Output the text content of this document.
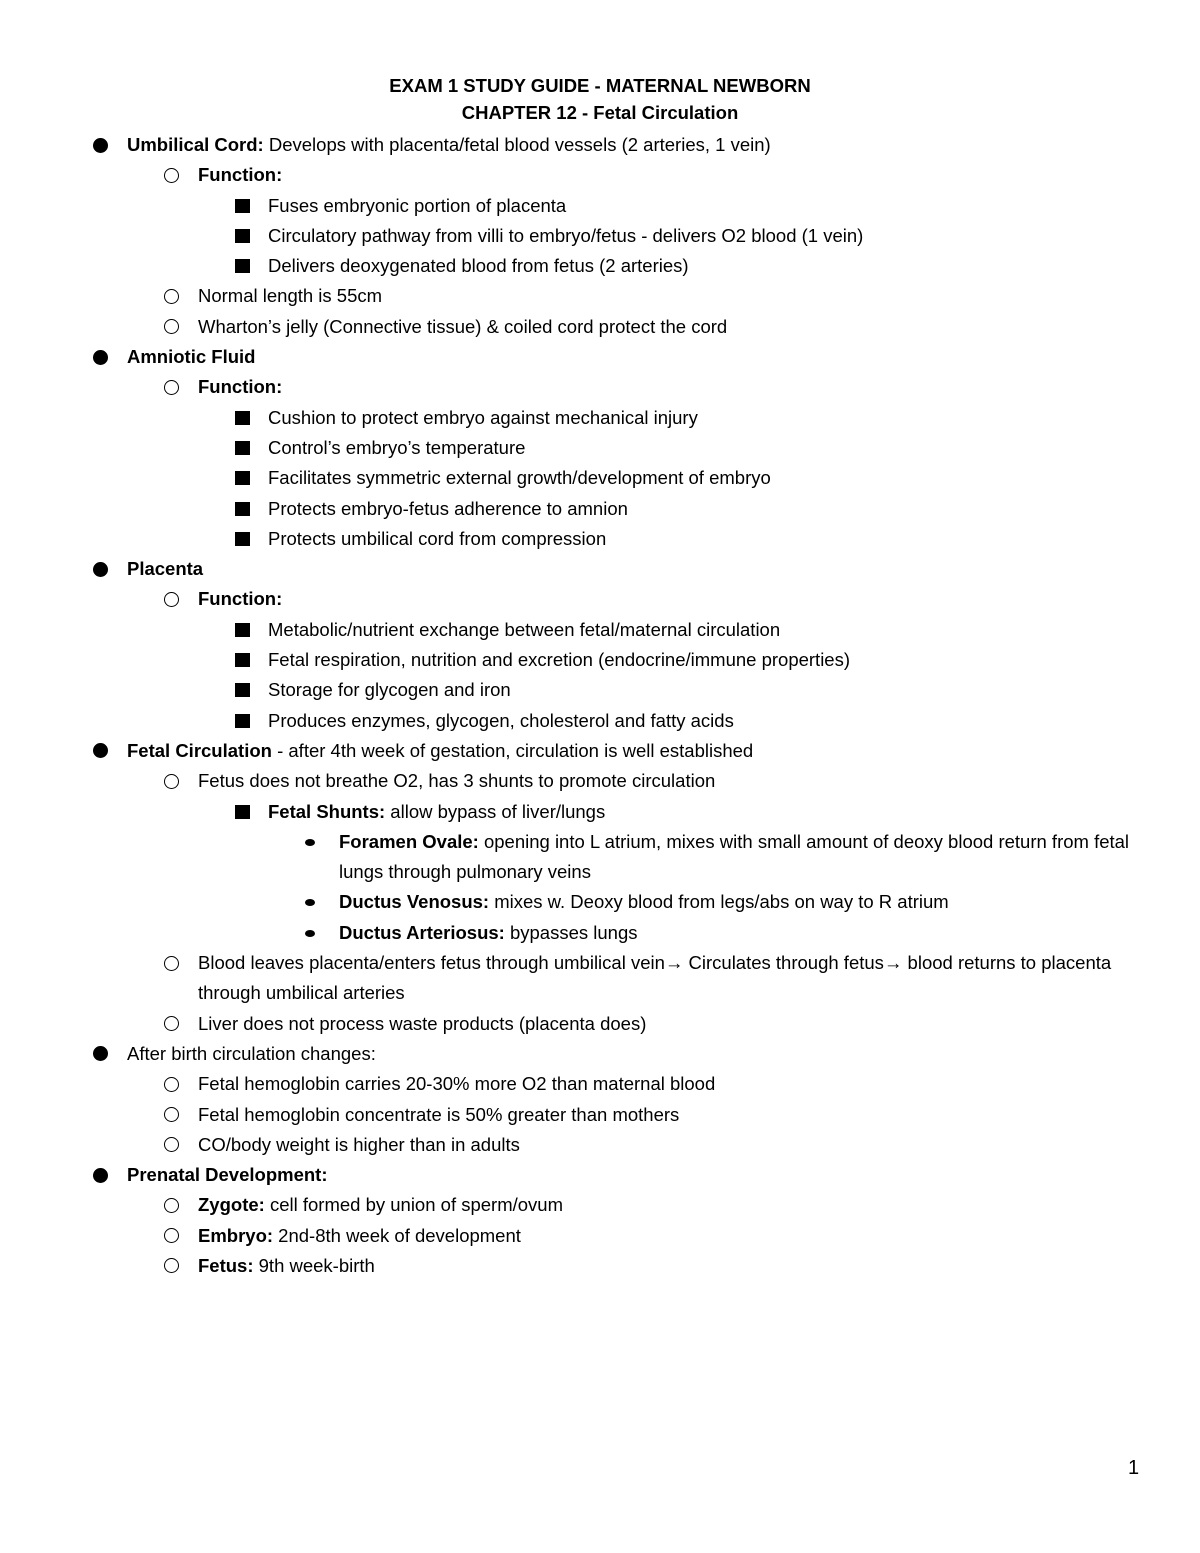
EXAM 1 STUDY GUIDE - MATERNAL NEWBORN
CHAPTER 12 - Fetal Circulation
Umbilical Cord: Develops with placenta/fetal blood vessels (2 arteries, 1 vein)
Function:
Fuses embryonic portion of placenta
Circulatory pathway from villi to embryo/fetus - delivers O2 blood (1 vein)
Delivers deoxygenated blood from fetus (2 arteries)
Normal length is 55cm
Wharton’s jelly (Connective tissue) & coiled cord protect the cord
Amniotic Fluid
Function:
Cushion to protect embryo against mechanical injury
Control’s embryo’s temperature
Facilitates symmetric external growth/development of embryo
Protects embryo-fetus adherence to amnion
Protects umbilical cord from compression
Placenta
Function:
Metabolic/nutrient exchange between fetal/maternal circulation
Fetal respiration, nutrition and excretion (endocrine/immune properties)
Storage for glycogen and iron
Produces enzymes, glycogen, cholesterol and fatty acids
Fetal Circulation - after 4th week of gestation, circulation is well established
Fetus does not breathe O2, has 3 shunts to promote circulation
Fetal Shunts: allow bypass of liver/lungs
Foramen Ovale: opening into L atrium, mixes with small amount of deoxy blood return from fetal lungs through pulmonary veins
Ductus Venosus: mixes w. Deoxy blood from legs/abs on way to R atrium
Ductus Arteriosus: bypasses lungs
Blood leaves placenta/enters fetus through umbilical vein→ Circulates through fetus→ blood returns to placenta through umbilical arteries
Liver does not process waste products (placenta does)
After birth circulation changes:
Fetal hemoglobin carries 20-30% more O2 than maternal blood
Fetal hemoglobin concentrate is 50% greater than mothers
CO/body weight is higher than in adults
Prenatal Development:
Zygote: cell formed by union of sperm/ovum
Embryo: 2nd-8th week of development
Fetus: 9th week-birth
1
